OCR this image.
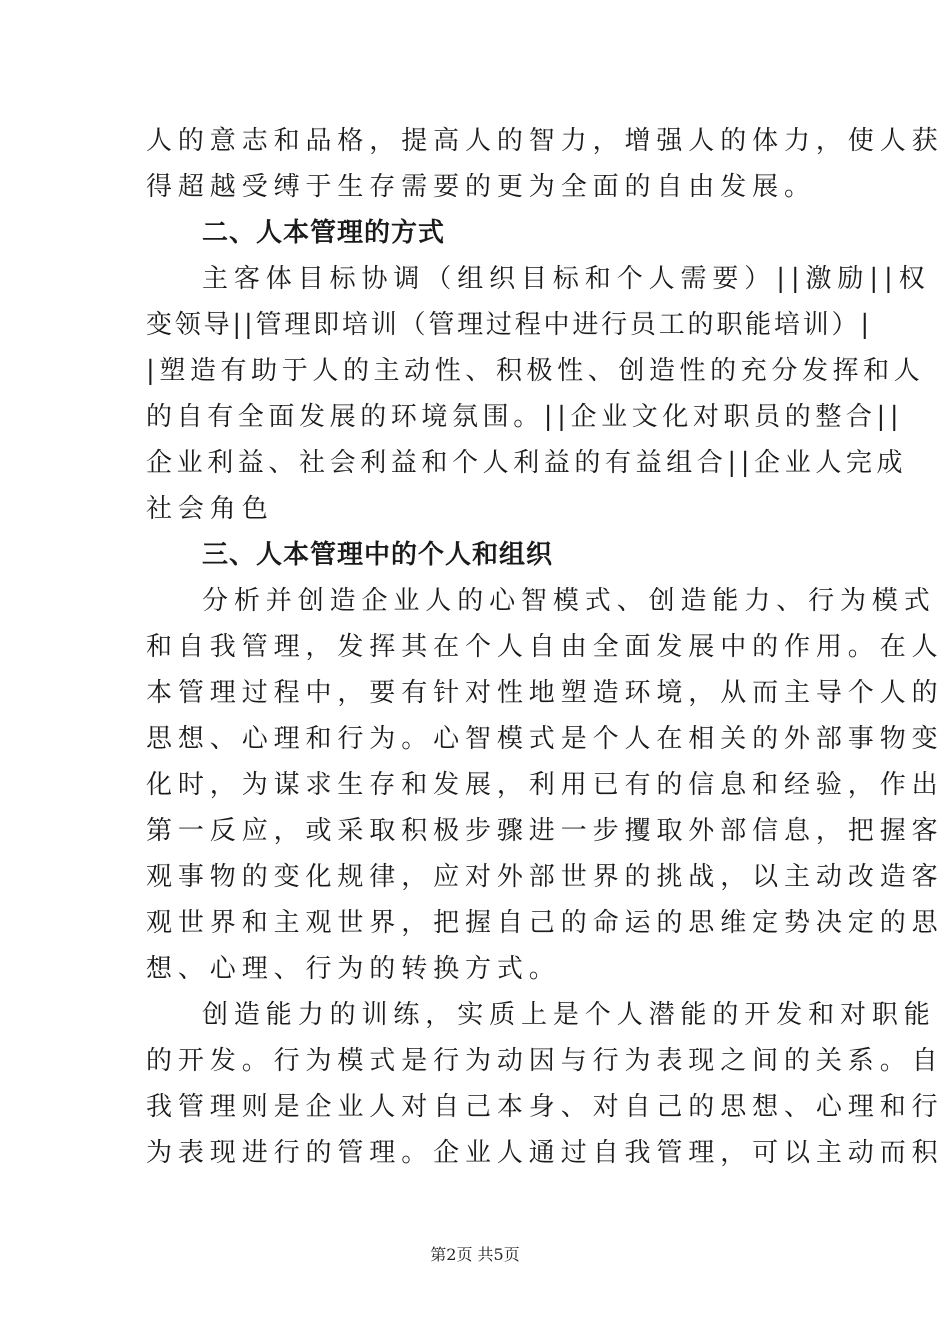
人的意志和品格，提高人的智力，增强人的体力，使人获
得超越受缚于生存需要的更为全面的自由发展。
二、人本管理的方式
主客体目标协调（组织目标和个人需要）||激励||权
变领导||管理即培训（管理过程中进行员工的职能培训）|
|塑造有助于人的主动性、积极性、创造性的充分发挥和人
的自有全面发展的环境氛围。||企业文化对职员的整合||
企业利益、社会利益和个人利益的有益组合||企业人完成
社会角色
三、人本管理中的个人和组织
分析并创造企业人的心智模式、创造能力、行为模式
和自我管理，发挥其在个人自由全面发展中的作用。在人
本管理过程中，要有针对性地塑造环境，从而主导个人的
思想、心理和行为。心智模式是个人在相关的外部事物变
化时，为谋求生存和发展，利用已有的信息和经验，作出
第一反应，或采取积极步骤进一步攫取外部信息，把握客
观事物的变化规律，应对外部世界的挑战，以主动改造客
观世界和主观世界，把握自己的命运的思维定势决定的思
想、心理、行为的转换方式。
创造能力的训练，实质上是个人潜能的开发和对职能
的开发。行为模式是行为动因与行为表现之间的关系。自
我管理则是企业人对自己本身、对自己的思想、心理和行
为表现进行的管理。企业人通过自我管理，可以主动而积
第2页 共5页
